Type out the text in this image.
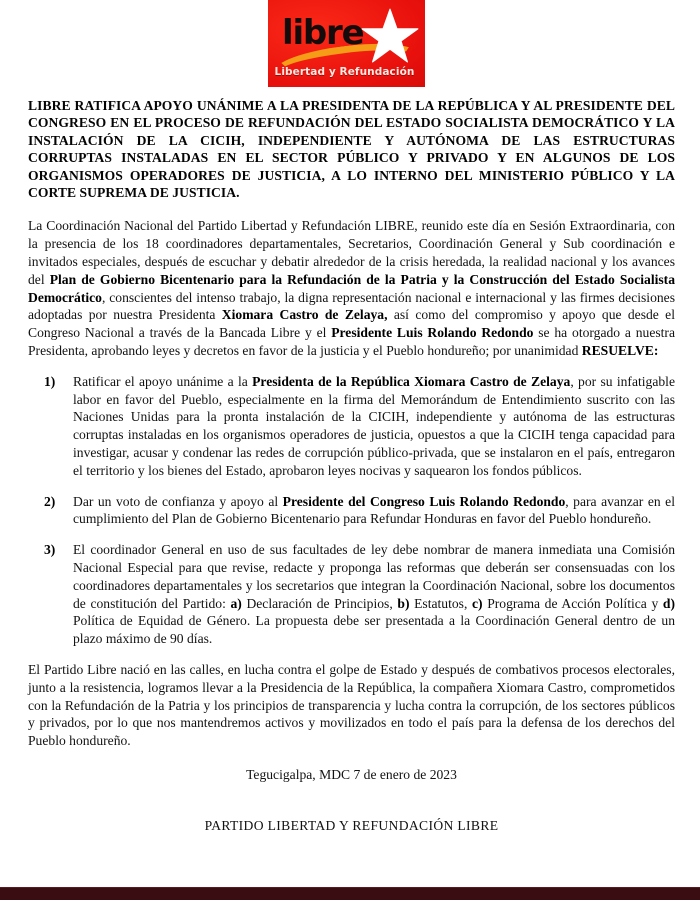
libre
Libertad y Refundación
LIBRE RATIFICA APOYO UNÁNIME A LA PRESIDENTA DE LA REPÚBLICA Y AL PRESIDENTE DEL CONGRESO EN EL PROCESO DE REFUNDACIÓN DEL ESTADO SOCIALISTA DEMOCRÁTICO Y LA INSTALACIÓN DE LA CICIH, INDEPENDIENTE Y AUTÓNOMA DE LAS ESTRUCTURAS CORRUPTAS INSTALADAS EN EL SECTOR PÚBLICO Y PRIVADO Y EN ALGUNOS DE LOS ORGANISMOS OPERADORES DE JUSTICIA, A LO INTERNO DEL MINISTERIO PÚBLICO Y LA CORTE SUPREMA DE JUSTICIA.

La Coordinación Nacional del Partido Libertad y Refundación LIBRE, reunido este día en Sesión Extraordinaria, con la presencia de los 18 coordinadores departamentales, Secretarios, Coordinación General y Sub coordinación e invitados especiales, después de escuchar y debatir alrededor de la crisis heredada, la realidad nacional y los avances del Plan de Gobierno Bicentenario para la Refundación de la Patria y la Construcción del Estado Socialista Democrático, conscientes del intenso trabajo, la digna representación nacional e internacional y las firmes decisiones adoptadas por nuestra Presidenta Xiomara Castro de Zelaya, así como del compromiso y apoyo que desde el Congreso Nacional a través de la Bancada Libre y el Presidente Luis Rolando Redondo se ha otorgado a nuestra Presidenta, aprobando leyes y decretos en favor de la justicia y el Pueblo hondureño; por unanimidad RESUELVE:

1) Ratificar el apoyo unánime a la Presidenta de la República Xiomara Castro de Zelaya, por su infatigable labor en favor del Pueblo, especialmente en la firma del Memorándum de Entendimiento suscrito con las Naciones Unidas para la pronta instalación de la CICIH, independiente y autónoma de las estructuras corruptas instaladas en los organismos operadores de justicia, opuestos a que la CICIH tenga capacidad para investigar, acusar y condenar las redes de corrupción público-privada, que se instalaron en el país, entregaron el territorio y los bienes del Estado, aprobaron leyes nocivas y saquearon los fondos públicos.
2) Dar un voto de confianza y apoyo al Presidente del Congreso Luis Rolando Redondo, para avanzar en el cumplimiento del Plan de Gobierno Bicentenario para Refundar Honduras en favor del Pueblo hondureño.
3) El coordinador General en uso de sus facultades de ley debe nombrar de manera inmediata una Comisión Nacional Especial para que revise, redacte y proponga las reformas que deberán ser consensuadas con los coordinadores departamentales y los secretarios que integran la Coordinación Nacional, sobre los documentos de constitución del Partido: a) Declaración de Principios, b) Estatutos, c) Programa de Acción Política y d) Política de Equidad de Género. La propuesta debe ser presentada a la Coordinación General dentro de un plazo máximo de 90 días.

El Partido Libre nació en las calles, en lucha contra el golpe de Estado y después de combativos procesos electorales, junto a la resistencia, logramos llevar a la Presidencia de la República, la compañera Xiomara Castro, comprometidos con la Refundación de la Patria y los principios de transparencia y lucha contra la corrupción, de los sectores públicos y privados, por lo que nos mantendremos activos y movilizados en todo el país para la defensa de los derechos del Pueblo hondureño.

Tegucigalpa, MDC 7 de enero de 2023

PARTIDO LIBERTAD Y REFUNDACIÓN LIBRE
